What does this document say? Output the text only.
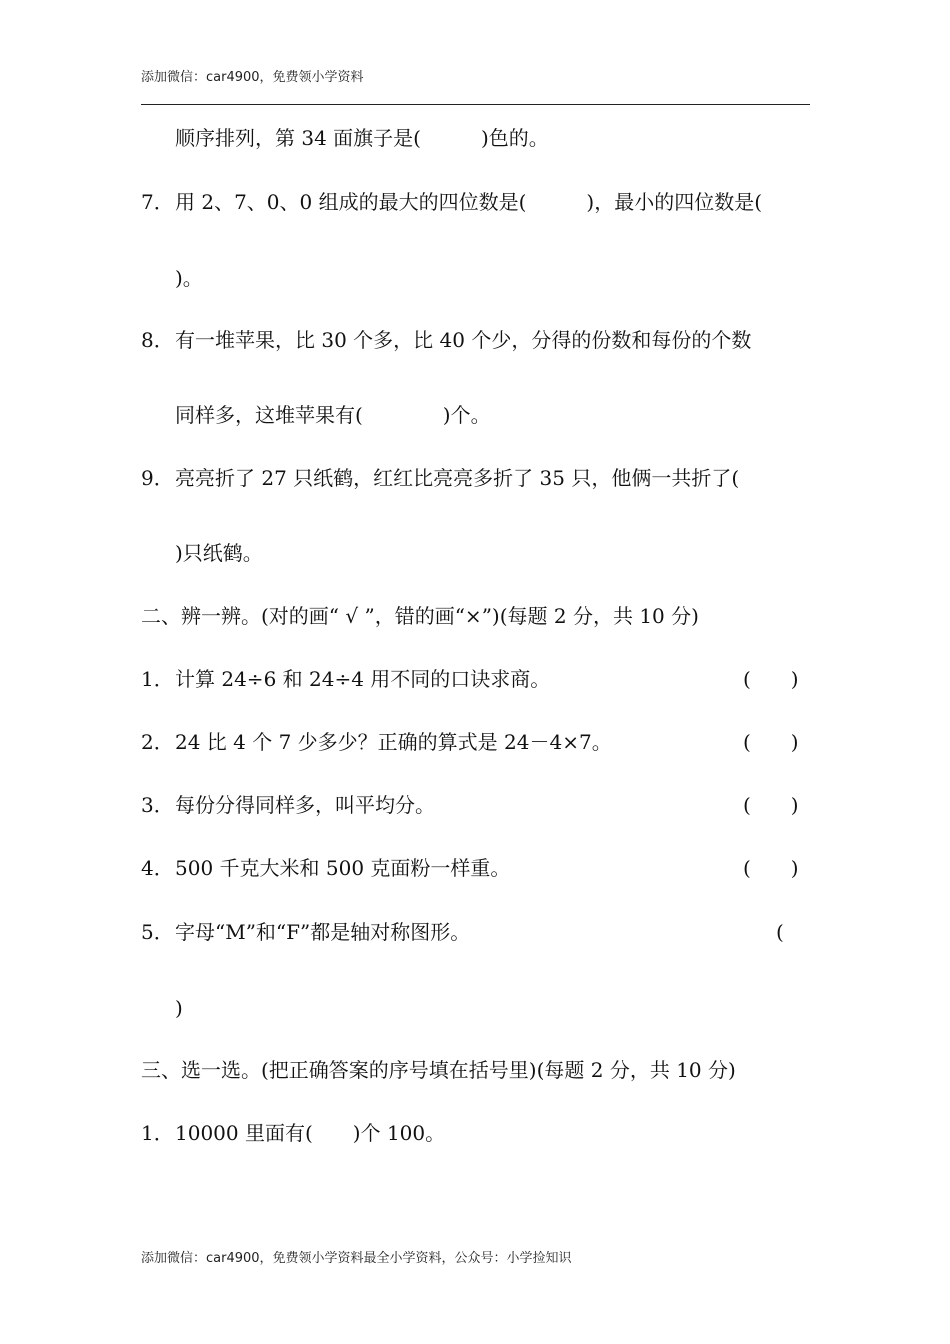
添加微信：car4900，免费领小学资料
顺序排列，第 34 面旗子是(　　　)色的。
7．用 2、7、0、0 组成的最大的四位数是(　　　)，最小的四位数是(
)。
8．有一堆苹果，比 30 个多，比 40 个少，分得的份数和每份的个数
同样多，这堆苹果有(　　　　)个。
9．亮亮折了 27 只纸鹤，红红比亮亮多折了 35 只，他俩一共折了(
)只纸鹤。
二、辨一辨。(对的画“ √ ”，错的画“×”)(每题 2 分，共 10 分)
1．计算 24÷6 和 24÷4 用不同的口诀求商。	(　　)
2．24 比 4 个 7 少多少？正确的算式是 24－4×7。	(　　)
3．每份分得同样多，叫平均分。	(　　)
4．500 千克大米和 500 克面粉一样重。	(　　)
5．字母“M”和“F”都是轴对称图形。	(
)
三、选一选。(把正确答案的序号填在括号里)(每题 2 分，共 10 分)
1．10000 里面有(　　)个 100。
添加微信：car4900，免费领小学资料最全小学资料，公众号：小学捡知识
